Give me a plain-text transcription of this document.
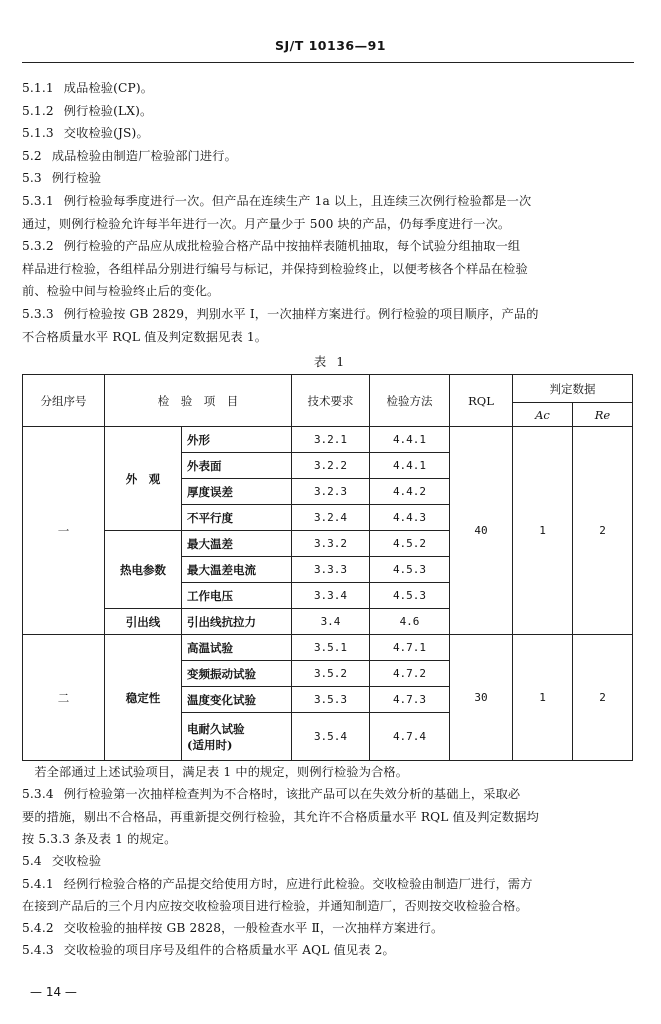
SJ/T 10136—91
5.1.1 成品检验(CP)。
5.1.2 例行检验(LX)。
5.1.3 交收检验(JS)。
5.2 成品检验由制造厂检验部门进行。
5.3 例行检验
5.3.1 例行检验每季度进行一次。但产品在连续生产 1a 以上，且连续三次例行检验都是一次
通过，则例行检验允许每半年进行一次。月产量少于 500 块的产品，仍每季度进行一次。
5.3.2 例行检验的产品应从成批检验合格产品中按抽样表随机抽取，每个试验分组抽取一组
样品进行检验，各组样品分别进行编号与标记，并保持到检验终止，以便考核各个样品在检验
前、检验中间与检验终止后的变化。
5.3.3 例行检验按 GB 2829，判别水平 Ⅰ，一次抽样方案进行。例行检验的项目顺序，产品的
不合格质量水平 RQL 值及判定数据见表 1。
表 1
分组序号	检　验　项　目		技术要求	检验方法	RQL	判定数据	
						Ac	Re
一	外　观	外形	3.2.1	4.4.1	40	1	2
		外表面	3.2.2	4.4.1			
		厚度误差	3.2.3	4.4.2			
		不平行度	3.2.4	4.4.3			
	热电参数	最大温差	3.3.2	4.5.2			
		最大温差电流	3.3.3	4.5.3			
		工作电压	3.3.4	4.5.3			
	引出线	引出线抗拉力	3.4	4.6			
二	稳定性	高温试验	3.5.1	4.7.1	30	1	2
		变频振动试验	3.5.2	4.7.2			
		温度变化试验	3.5.3	4.7.3			
		电耐久试验
(适用时)	3.5.4	4.7.4			
　若全部通过上述试验项目，满足表 1 中的规定，则例行检验为合格。
5.3.4 例行检验第一次抽样检查判为不合格时，该批产品可以在失效分析的基础上，采取必
要的措施，剔出不合格品，再重新提交例行检验，其允许不合格质量水平 RQL 值及判定数据均
按 5.3.3 条及表 1 的规定。
5.4 交收检验
5.4.1 经例行检验合格的产品提交给使用方时，应进行此检验。交收检验由制造厂进行，需方
在接到产品后的三个月内应按交收检验项目进行检验，并通知制造厂，否则按交收检验合格。
5.4.2 交收检验的抽样按 GB 2828，一般检查水平 Ⅱ，一次抽样方案进行。
5.4.3 交收检验的项目序号及组件的合格质量水平 AQL 值见表 2。
— 14 —
